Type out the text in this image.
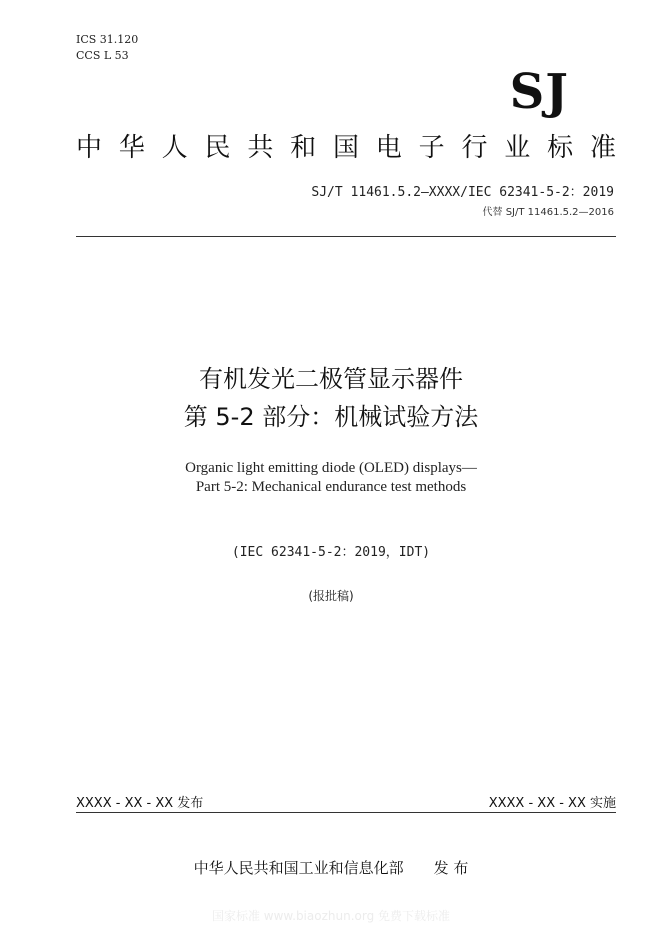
ICS 31.120
CCS L 53
SJ
中 华 人 民 共 和 国 电 子 行 业 标 准
SJ/T 11461.5.2—XXXX/IEC 62341-5-2：2019
代替 SJ/T 11461.5.2—2016
有机发光二极管显示器件
第 5-2 部分：机械试验方法
Organic light emitting diode (OLED) displays—
Part 5-2: Mechanical endurance test methods
(IEC 62341-5-2：2019，IDT)
(报批稿)
XXXX - XX - XX 发布	XXXX - XX - XX 实施
中华人民共和国工业和信息化部 发 布
国家标准 www.biaozhun.org 免费下载标准
